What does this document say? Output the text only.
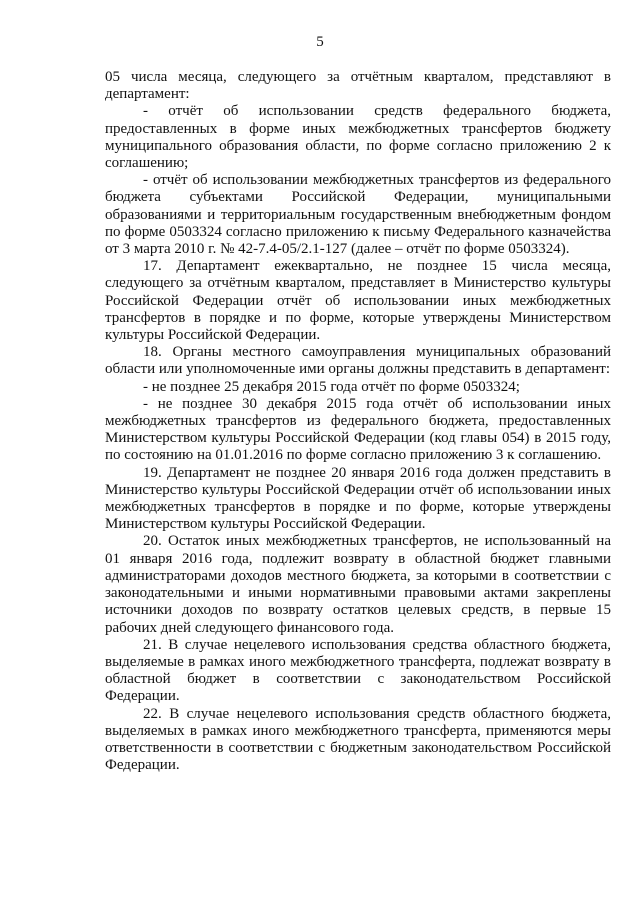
5

05 числа месяца, следующего за отчётным кварталом, представляют в департамент:

- отчёт об использовании средств федерального бюджета, предоставленных в форме иных межбюджетных трансфертов бюджету муниципального образования области, по форме согласно приложению 2 к соглашению;

- отчёт об использовании межбюджетных трансфертов из федерального бюджета субъектами Российской Федерации, муниципальными образованиями и территориальным государственным внебюджетным фондом по форме 0503324 согласно приложению к письму Федерального казначейства от 3 марта 2010 г. № 42-7.4-05/2.1-127 (далее – отчёт по форме 0503324).

17. Департамент ежеквартально, не позднее 15 числа месяца, следующего за отчётным кварталом, представляет в Министерство культуры Российской Федерации отчёт об использовании иных межбюджетных трансфертов в порядке и по форме, которые утверждены Министерством культуры Российской Федерации.

18. Органы местного самоуправления муниципальных образований области или уполномоченные ими органы должны представить в департамент:

- не позднее 25 декабря 2015 года отчёт по форме 0503324;

- не позднее 30 декабря 2015 года отчёт об использовании иных межбюджетных трансфертов из федерального бюджета, предоставленных Министерством культуры Российской Федерации (код главы 054) в 2015 году, по состоянию на 01.01.2016 по форме согласно приложению 3 к соглашению.

19. Департамент не позднее 20 января 2016 года должен представить в Министерство культуры Российской Федерации отчёт об использовании иных межбюджетных трансфертов в порядке и по форме, которые утверждены Министерством культуры Российской Федерации.

20. Остаток иных межбюджетных трансфертов, не использованный на 01 января 2016 года, подлежит возврату в областной бюджет главными администраторами доходов местного бюджета, за которыми в соответствии с законодательными и иными нормативными правовыми актами закреплены источники доходов по возврату остатков целевых средств, в первые 15 рабочих дней следующего финансового года.

21. В случае нецелевого использования средства областного бюджета, выделяемые в рамках иного межбюджетного трансферта, подлежат возврату в областной бюджет в соответствии с законодательством Российской Федерации.

22. В случае нецелевого использования средств областного бюджета, выделяемых в рамках иного межбюджетного трансферта, применяются меры ответственности в соответствии с бюджетным законодательством Российской Федерации.
